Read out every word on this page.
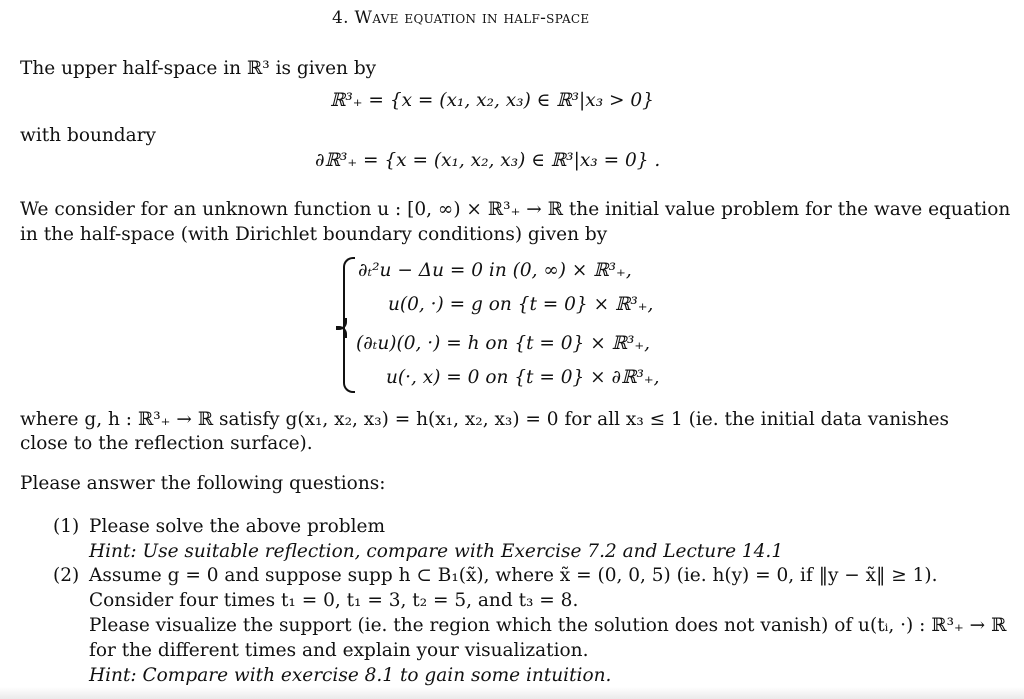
4. Wave equation in half-space
The upper half-space in ℝ³ is given by
ℝ³₊ = {x = (x₁, x₂, x₃) ∈ ℝ³|x₃ > 0}
with boundary
∂ℝ³₊ = {x = (x₁, x₂, x₃) ∈ ℝ³|x₃ = 0} .
We consider for an unknown function u : [0, ∞) × ℝ³₊ → ℝ the initial value problem for the wave equation
in the half-space (with Dirichlet boundary conditions) given by
∂ₜ²u − Δu = 0 in (0, ∞) × ℝ³₊,
u(0, ·) = g on {t = 0} × ℝ³₊,
(∂ₜu)(0, ·) = h on {t = 0} × ℝ³₊,
u(·, x) = 0 on {t = 0} × ∂ℝ³₊,
where g, h : ℝ³₊ → ℝ satisfy g(x₁, x₂, x₃) = h(x₁, x₂, x₃) = 0 for all x₃ ≤ 1 (ie. the initial data vanishes
close to the reflection surface).
Please answer the following questions:
(1) Please solve the above problem
Hint: Use suitable reflection, compare with Exercise 7.2 and Lecture 14.1
(2) Assume g = 0 and suppose supp h ⊂ B₁(x̃), where x̃ = (0, 0, 5) (ie. h(y) = 0, if ‖y − x̃‖ ≥ 1).
Consider four times t₁ = 0, t₁ = 3, t₂ = 5, and t₃ = 8.
Please visualize the support (ie. the region which the solution does not vanish) of u(tᵢ, ·) : ℝ³₊ → ℝ
for the different times and explain your visualization.
Hint: Compare with exercise 8.1 to gain some intuition.
